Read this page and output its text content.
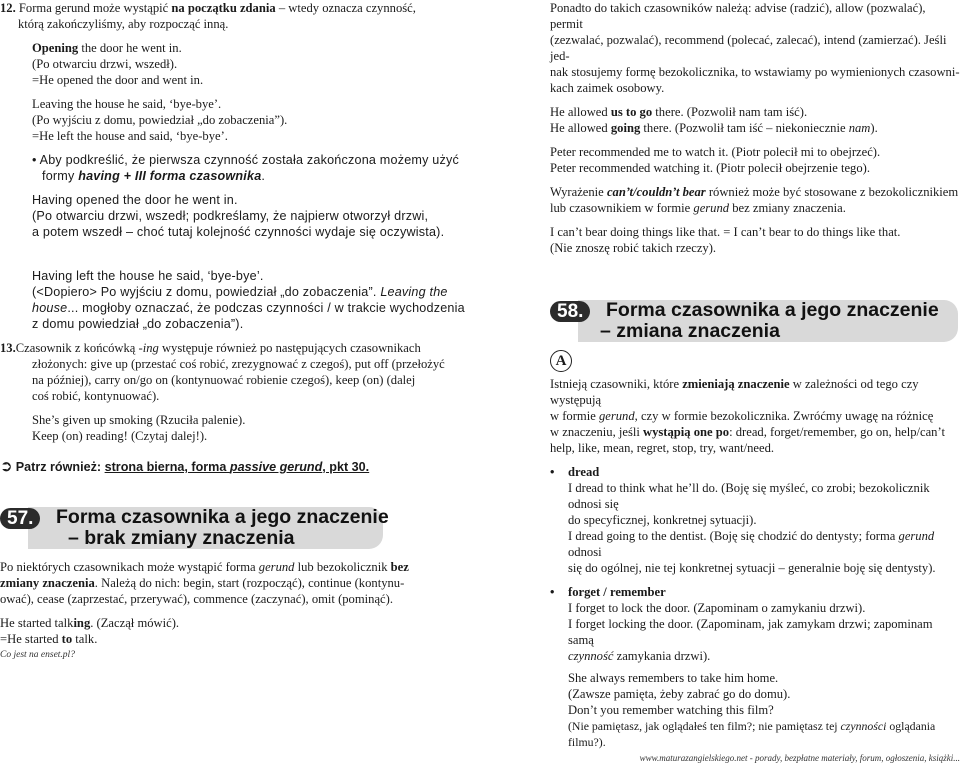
12. Forma gerund może wystąpić na początku zdania – wtedy oznacza czynność,

którą zakończyliśmy, aby rozpocząć inną.

Opening the door he went in.

(Po otwarciu drzwi, wszedł).

=He opened the door and went in.

Leaving the house he said, ‘bye-bye’.

(Po wyjściu z domu, powiedział „do zobaczenia”).

=He left the house and said, ‘bye-bye’.

• Aby podkreślić, że pierwsza czynność została zakończona możemy użyć

formy having + III forma czasownika.

Having opened the door he went in.

(Po otwarciu drzwi, wszedł; podkreślamy, że najpierw otworzył drzwi,

a potem wszedł – choć tutaj kolejność czynności wydaje się oczywista).

Having left the house he said, ‘bye-bye’.

(<Dopiero> Po wyjściu z domu, powiedział „do zobaczenia”. Leaving the

house... mogłoby oznaczać, że podczas czynności / w trakcie wychodzenia

z domu powiedział „do zobaczenia”).

13.Czasownik z końcówką -ing występuje również po następujących czasownikach

złożonych: give up (przestać coś robić, zrezygnować z czegoś), put off (przełożyć

na później), carry on/go on (kontynuować robienie czegoś), keep (on) (dalej

coś robić, kontynuować).

She’s given up smoking (Rzuciła palenie).

Keep (on) reading! (Czytaj dalej!).

➲ Patrz również: strona bierna, forma passive gerund, pkt 30.

57.	Forma czasownika a jego znaczenie
– brak zmiany znaczenia

Po niektórych czasownikach może wystąpić forma gerund lub bezokolicznik bez

zmiany znaczenia. Należą do nich: begin, start (rozpocząć), continue (kontynu-

ować), cease (zaprzestać, przerywać), commence (zaczynać), omit (pominąć).

He started talking. (Zaczął mówić).

=He started to talk.

Co jest na enset.pl?

Ponadto do takich czasowników należą: advise (radzić), allow (pozwalać), permit

(zezwalać, pozwalać), recommend (polecać, zalecać), intend (zamierzać). Jeśli jed-

nak stosujemy formę bezokolicznika, to wstawiamy po wymienionych czasowni-

kach zaimek osobowy.

He allowed us to go there. (Pozwolił nam tam iść).

He allowed going there. (Pozwolił tam iść – niekoniecznie nam).

Peter recommended me to watch it. (Piotr polecił mi to obejrzeć).

Peter recommended watching it. (Piotr polecił obejrzenie tego).

Wyrażenie can’t/couldn’t bear również może być stosowane z bezokolicznikiem

lub czasownikiem w formie gerund bez zmiany znaczenia.

I can’t bear doing things like that. = I can’t bear to do things like that.

(Nie znoszę robić takich rzeczy).

58.	Forma czasownika a jego znaczenie
– zmiana znaczenia
A

Istnieją czasowniki, które zmieniają znaczenie w zależności od tego czy występują

w formie gerund, czy w formie bezokolicznika. Zwróćmy uwagę na różnicę

w znaczeniu, jeśli wystąpią one po: dread, forget/remember, go on, help/can’t

help, like, mean, regret, stop, try, want/need.

• dread

I dread to think what he’ll do. (Boję się myśleć, co zrobi; bezokolicznik odnosi się

do specyficznej, konkretnej sytuacji).

I dread going to the dentist. (Boję się chodzić do dentysty; forma gerund odnosi

się do ogólnej, nie tej konkretnej sytuacji – generalnie boję się dentysty).

• forget / remember

I forget to lock the door. (Zapominam o zamykaniu drzwi).

I forget locking the door. (Zapominam, jak zamykam drzwi; zapominam samą

czynność zamykania drzwi).

She always remembers to take him home.

(Zawsze pamięta, żeby zabrać go do domu).

Don’t you remember watching this film?

(Nie pamiętasz, jak oglądałeś ten film?; nie pamiętasz tej czynności oglądania filmu?).

www.maturazangielskiego.net - porady, bezpłatne materiały, forum, ogłoszenia, książki...
